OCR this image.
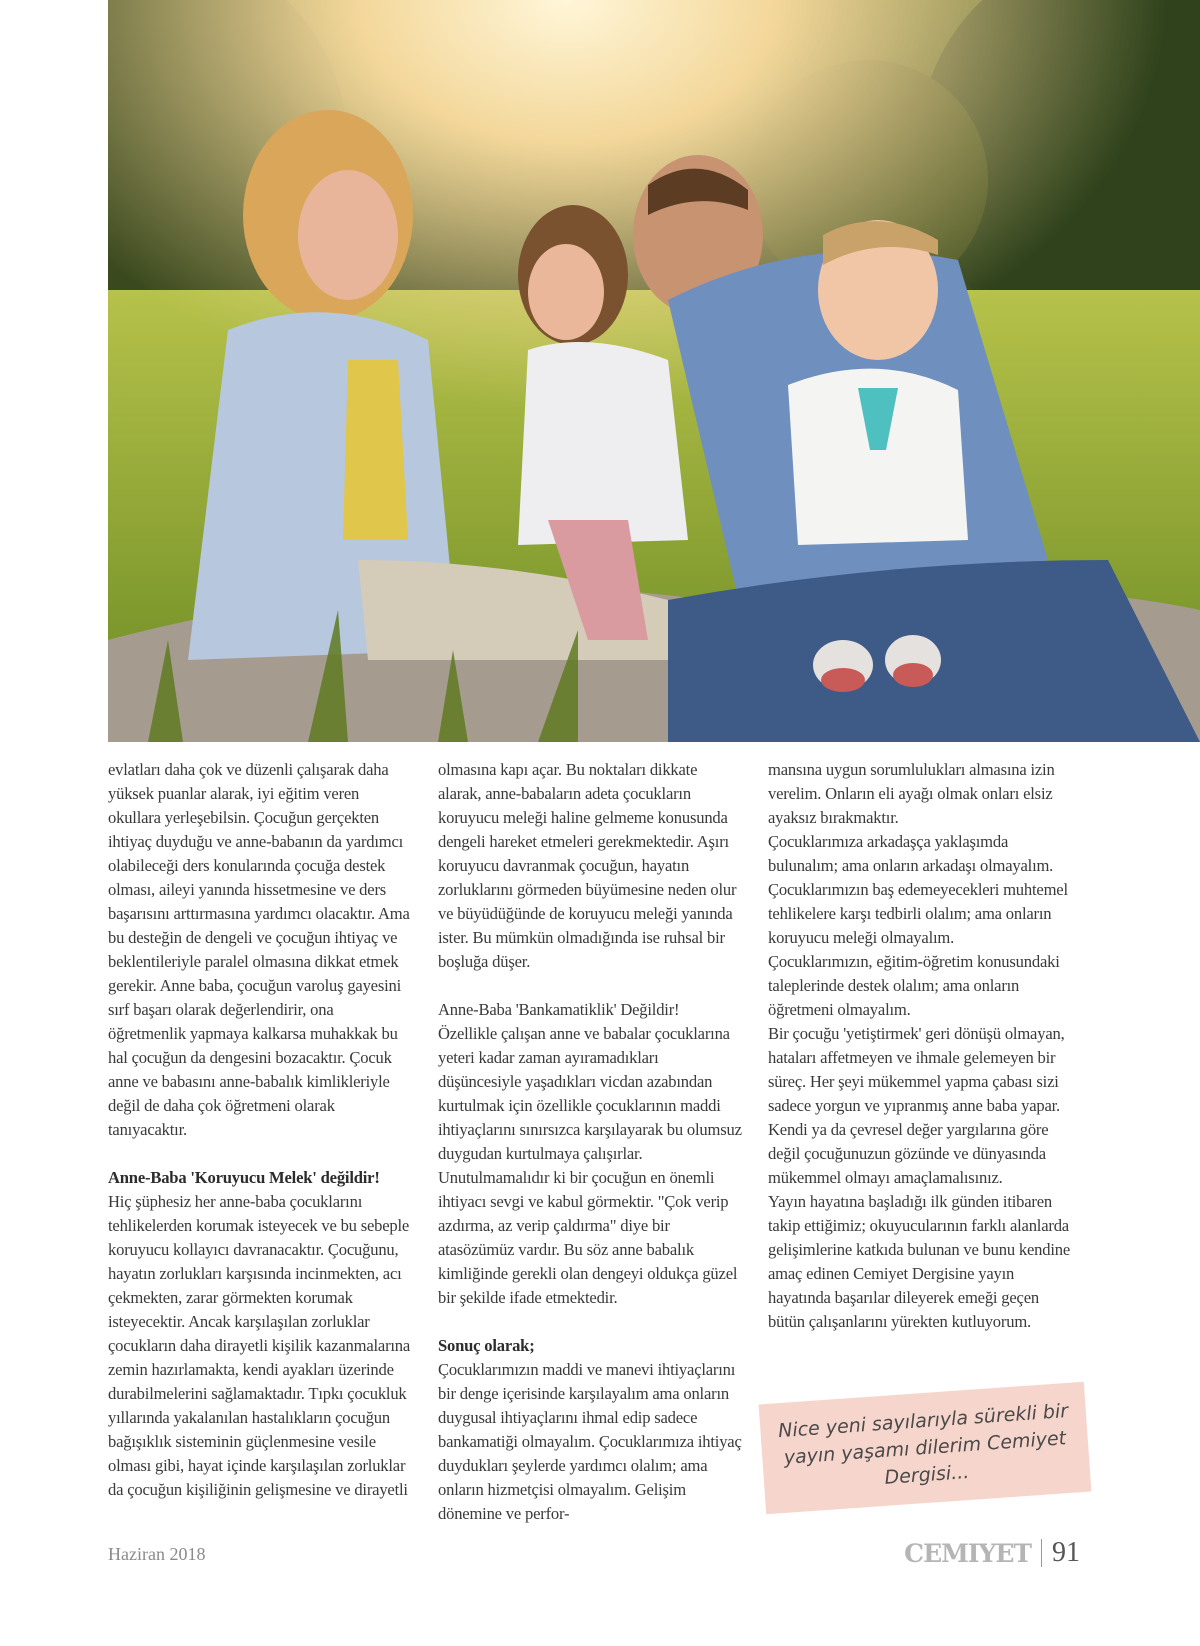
evlatları daha çok ve düzenli çalışarak daha yüksek puanlar alarak, iyi eğitim veren okullara yerleşebilsin. Çocuğun gerçekten ihtiyaç duyduğu ve anne-babanın da yardımcı olabileceği ders konularında çocuğa destek olması, aileyi yanında hissetmesine ve ders başarısını arttırmasına yardımcı olacaktır. Ama bu desteğin de dengeli ve çocuğun ihtiyaç ve beklentileriyle paralel olmasına dikkat etmek gerekir. Anne baba, çocuğun varoluş gayesini sırf başarı olarak değerlendirir, ona öğretmenlik yapmaya kalkarsa muhakkak bu hal çocuğun da dengesini bozacaktır. Çocuk anne ve babasını anne-babalık kimlikleriyle değil de daha çok öğretmeni olarak tanıyacaktır.

Anne-Baba 'Koruyucu Melek' değildir!

Hiç şüphesiz her anne-baba çocuklarını tehlikelerden korumak isteyecek ve bu sebeple koruyucu kollayıcı davranacaktır. Çocuğunu, hayatın zorlukları karşısında incinmekten, acı çekmekten, zarar görmekten korumak isteyecektir. Ancak karşılaşılan zorluklar çocukların daha dirayetli kişilik kazanmalarına zemin hazırlamakta, kendi ayakları üzerinde durabilmelerini sağlamaktadır. Tıpkı çocukluk yıllarında yakalanılan hastalıkların çocuğun bağışıklık sisteminin güçlenmesine vesile olması gibi, hayat içinde karşılaşılan zorluklar da çocuğun kişiliğinin gelişmesine ve dirayetli

olmasına kapı açar. Bu noktaları dikkate alarak, anne-babaların adeta çocukların koruyucu meleği haline gelmeme konusunda dengeli hareket etmeleri gerekmektedir. Aşırı koruyucu davranmak çocuğun, hayatın zorluklarını görmeden büyümesine neden olur ve büyüdüğünde de koruyucu meleği yanında ister. Bu mümkün olmadığında ise ruhsal bir boşluğa düşer.

Anne-Baba 'Bankamatiklik' Değildir!

Özellikle çalışan anne ve babalar çocuklarına yeteri kadar zaman ayıramadıkları düşüncesiyle yaşadıkları vicdan azabından kurtulmak için özellikle çocuklarının maddi ihtiyaçlarını sınırsızca karşılayarak bu olumsuz duygudan kurtulmaya çalışırlar. Unutulmamalıdır ki bir çocuğun en önemli ihtiyacı sevgi ve kabul görmektir. "Çok verip azdırma, az verip çaldırma" diye bir atasözümüz vardır. Bu söz anne babalık kimliğinde gerekli olan dengeyi oldukça güzel bir şekilde ifade etmektedir.

Sonuç olarak;

Çocuklarımızın maddi ve manevi ihtiyaçlarını bir denge içerisinde karşılayalım ama onların duygusal ihtiyaçlarını ihmal edip sadece bankamatiği olmayalım. Çocuklarımıza ihtiyaç duydukları şeylerde yardımcı olalım; ama onların hizmetçisi olmayalım. Gelişim dönemine ve perfor-

mansına uygun sorumlulukları almasına izin verelim. Onların eli ayağı olmak onları elsiz ayaksız bırakmaktır.

Çocuklarımıza arkadaşça yaklaşımda bulunalım; ama onların arkadaşı olmayalım.

Çocuklarımızın baş edemeyecekleri muhtemel tehlikelere karşı tedbirli olalım; ama onların koruyucu meleği olmayalım.

Çocuklarımızın, eğitim-öğretim konusundaki taleplerinde destek olalım; ama onların öğretmeni olmayalım.

Bir çocuğu 'yetiştirmek' geri dönüşü olmayan, hataları affetmeyen ve ihmale gelemeyen bir süreç. Her şeyi mükemmel yapma çabası sizi sadece yorgun ve yıpranmış anne baba yapar. Kendi ya da çevresel değer yargılarına göre değil çocuğunuzun gözünde ve dünyasında mükemmel olmayı amaçlamalısınız.

Yayın hayatına başladığı ilk günden itibaren takip ettiğimiz; okuyucularının farklı alanlarda gelişimlerine katkıda bulunan ve bunu kendine amaç edinen Cemiyet Dergisine yayın hayatında başarılar dileyerek emeği geçen bütün çalışanlarını yürekten kutluyorum.

Nice yeni sayılarıyla sürekli bir yayın yaşamı dilerim Cemiyet Dergisi...
Haziran 2018	CEMIYET 91
